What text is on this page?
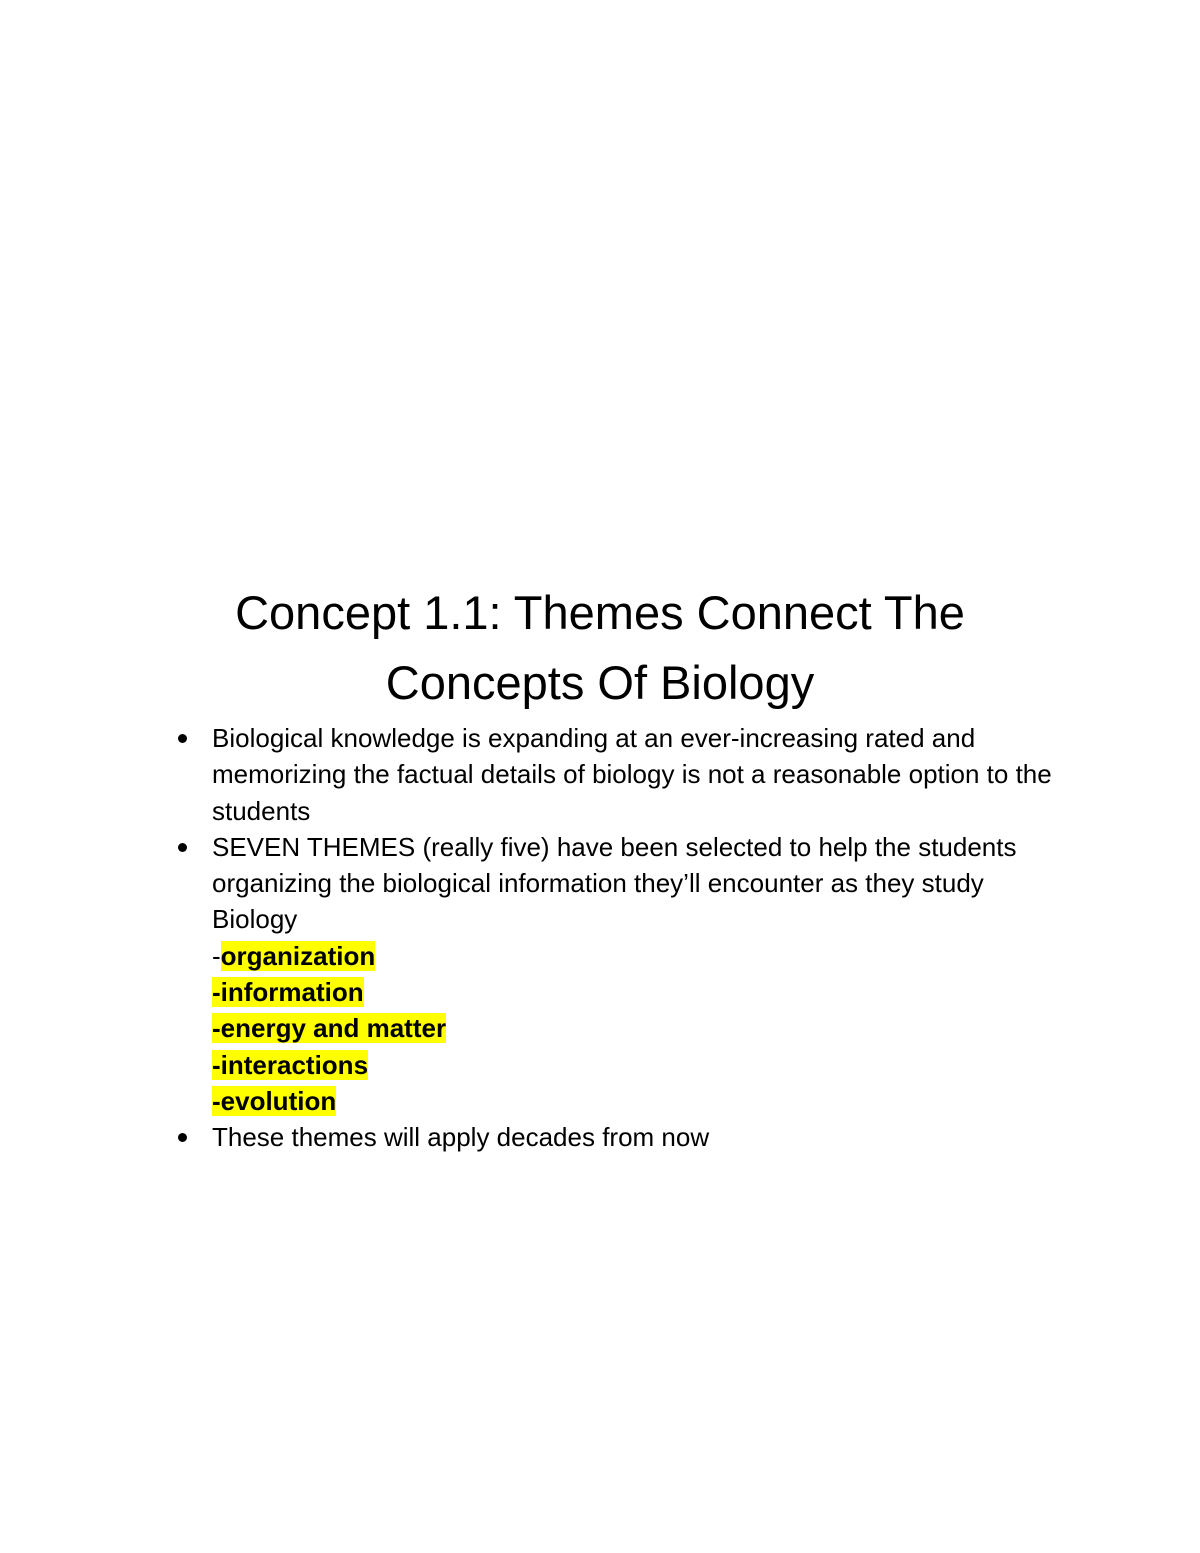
Concept 1.1: Themes Connect The
Concepts Of Biology
Biological knowledge is expanding at an ever-increasing rated and memorizing the factual details of biology is not a reasonable option to the students
SEVEN THEMES (really five) have been selected to help the students organizing the biological information they’ll encounter as they study Biology
-organization
-information
-energy and matter
-interactions
-evolution
These themes will apply decades from now
